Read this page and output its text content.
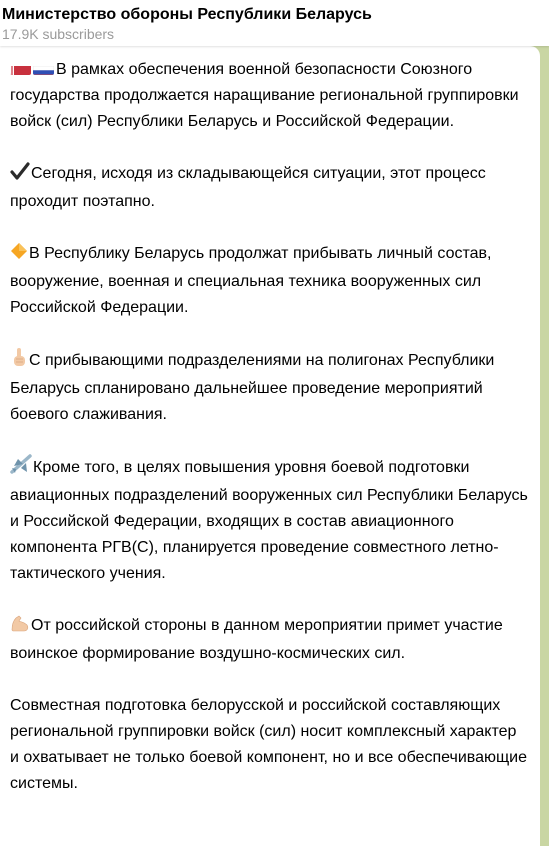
Министерство обороны Республики Беларусь
17.9K subscribers

В рамках обеспечения военной безопасности Союзного государства продолжается наращивание региональной группировки войск (сил) Республики Беларусь и Российской Федерации.

Сегодня, исходя из складывающейся ситуации, этот процесс проходит поэтапно.

В Республику Беларусь продолжат прибывать личный состав, вооружение, военная и специальная техника вооруженных сил Российской Федерации.

С прибывающими подразделениями на полигонах Республики Беларусь спланировано дальнейшее проведение мероприятий боевого слаживания.

Кроме того, в целях повышения уровня боевой подготовки авиационных подразделений вооруженных сил Республики Беларусь и Российской Федерации, входящих в состав авиационного компонента РГВ(С), планируется проведение совместного летно-тактического учения.

От российской стороны в данном мероприятии примет участие воинское формирование воздушно-космических сил.

Совместная подготовка белорусской и российской составляющих региональной группировки войск (сил) носит комплексный характер и охватывает не только боевой компонент, но и все обеспечивающие системы.
